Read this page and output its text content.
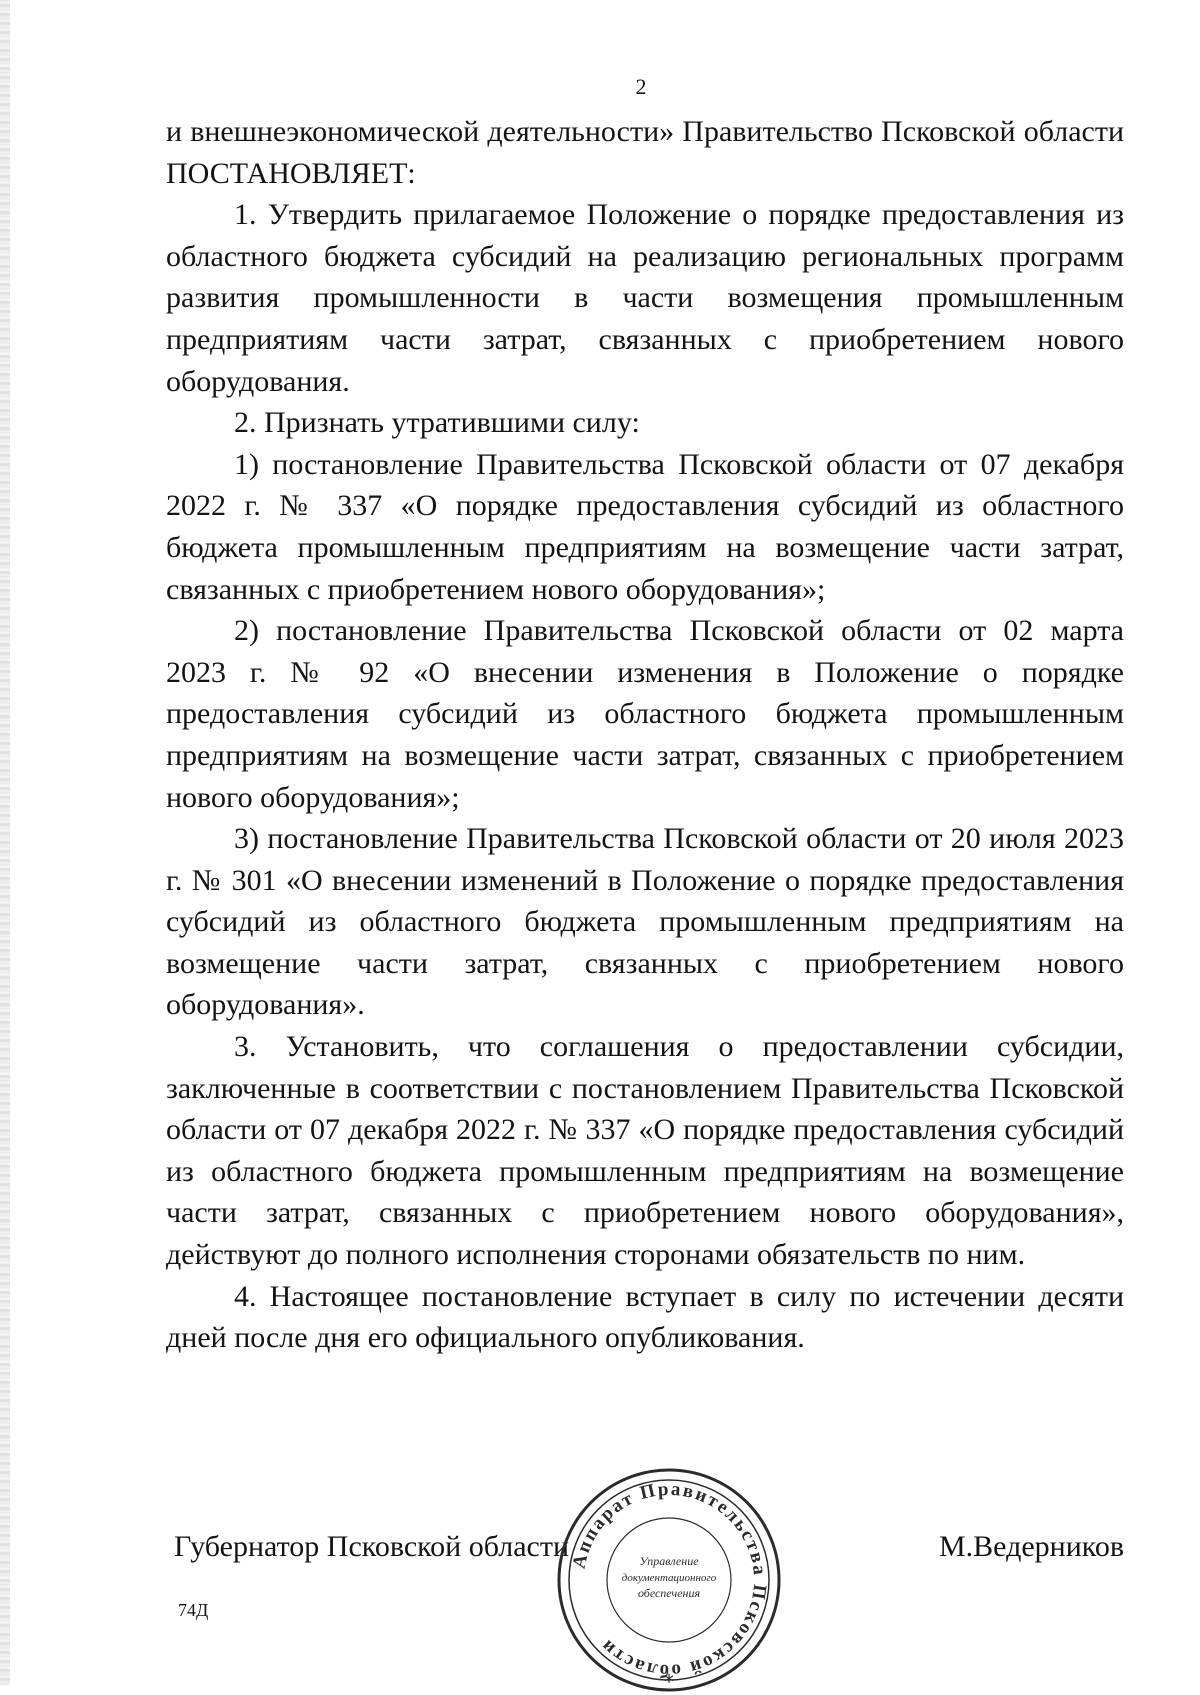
2

и внешнеэкономической деятельности» Правительство Псковской области ПОСТАНОВЛЯЕТ:

1. Утвердить прилагаемое Положение о порядке предоставления из областного бюджета субсидий на реализацию региональных программ развития промышленности в части возмещения промышленным предприятиям части затрат, связанных с приобретением нового оборудования.

2. Признать утратившими силу:

1) постановление Правительства Псковской области от 07 декабря 2022 г. № 337 «О порядке предоставления субсидий из областного бюджета промышленным предприятиям на возмещение части затрат, связанных с приобретением нового оборудования»;

2) постановление Правительства Псковской области от 02 марта 2023 г. № 92 «О внесении изменения в Положение о порядке предоставления субсидий из областного бюджета промышленным предприятиям на возмещение части затрат, связанных с приобретением нового оборудования»;

3) постановление Правительства Псковской области от 20 июля 2023 г. № 301 «О внесении изменений в Положение о порядке предоставления субсидий из областного бюджета промышленным предприятиям на возмещение части затрат, связанных с приобретением нового оборудования».

3. Установить, что соглашения о предоставлении субсидии, заключенные в соответствии с постановлением Правительства Псковской области от 07 декабря 2022 г. № 337 «О порядке предоставления субсидий из областного бюджета промышленным предприятиям на возмещение части затрат, связанных с приобретением нового оборудования», действуют до полного исполнения сторонами обязательств по ним.

4. Настоящее постановление вступает в силу по истечении десяти дней после дня его официального опубликования.

Губернатор Псковской области	М.Ведерников
74Д
Аппарат Правительства Псковской области
Управление
документационного
обеспечения
*
